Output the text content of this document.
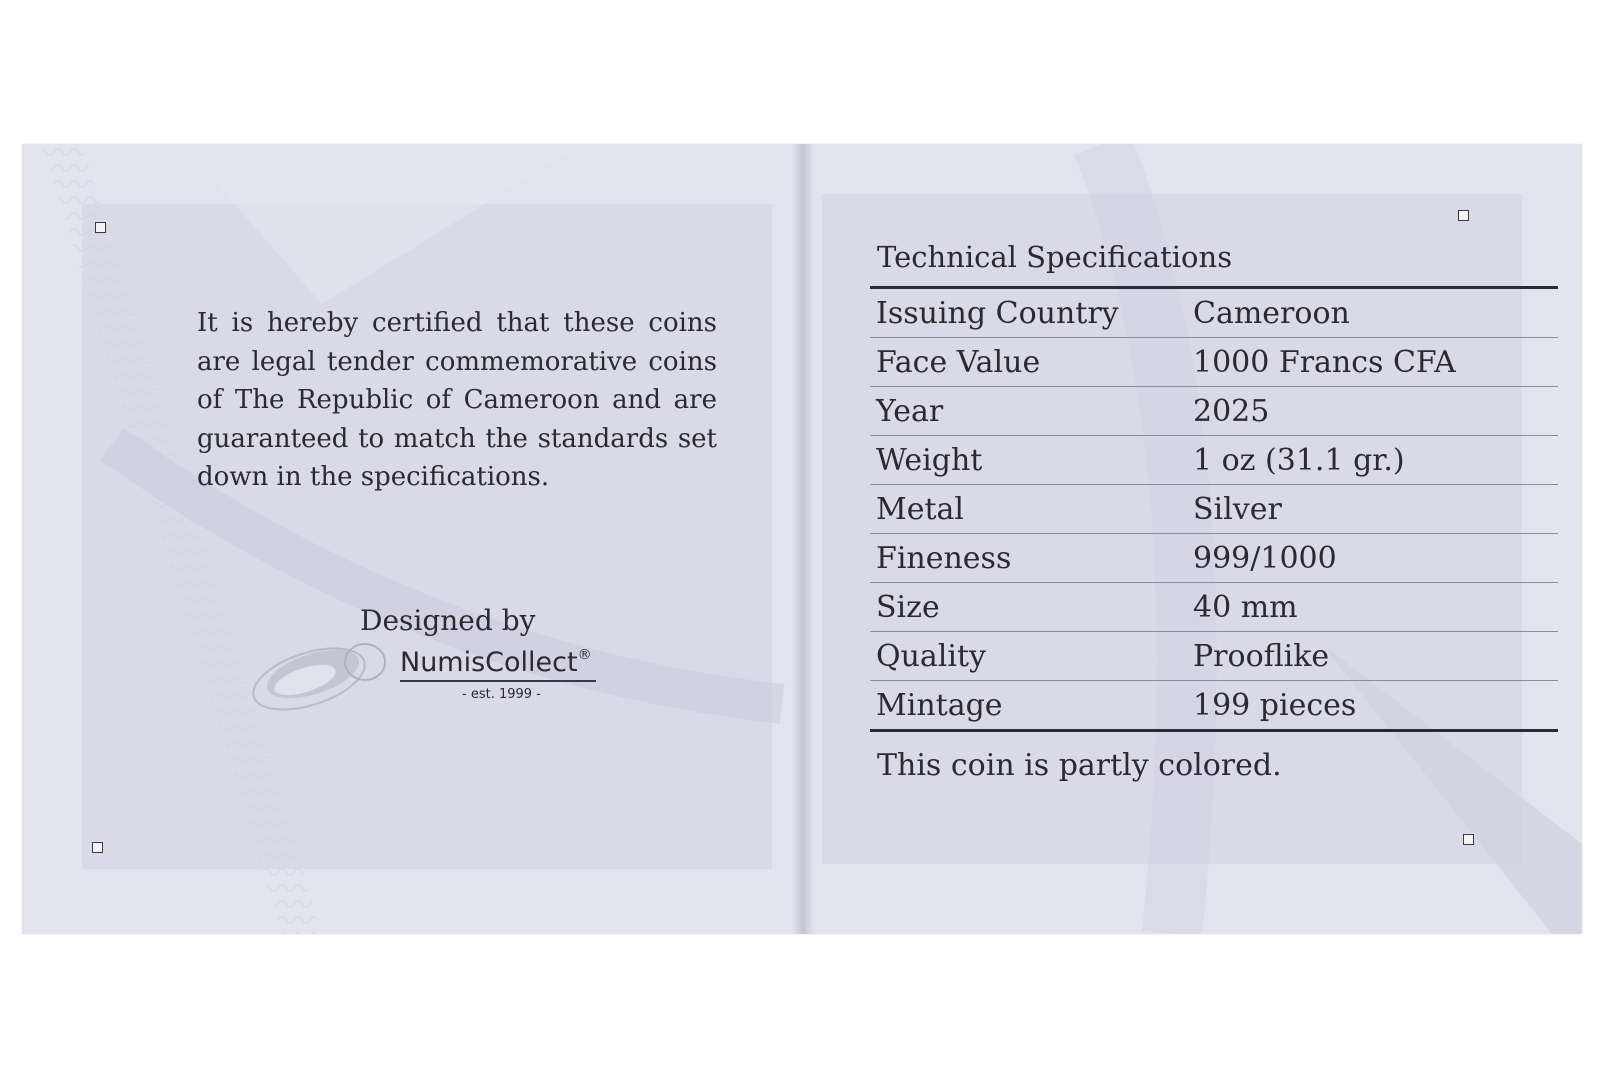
It is hereby certified that these coins are legal tender commemorative coins of The Republic of Cameroon and are guaranteed to match the standards set down in the specifications.

Designed by
NumisCollect®
- est. 1999 -
Technical Specifications
Issuing Country	Cameroon
Face Value	1000 Francs CFA
Year	2025
Weight	1 oz (31.1 gr.)
Metal	Silver
Fineness	999/1000
Size	40 mm
Quality	Prooflike
Mintage	199 pieces
This coin is partly colored.
